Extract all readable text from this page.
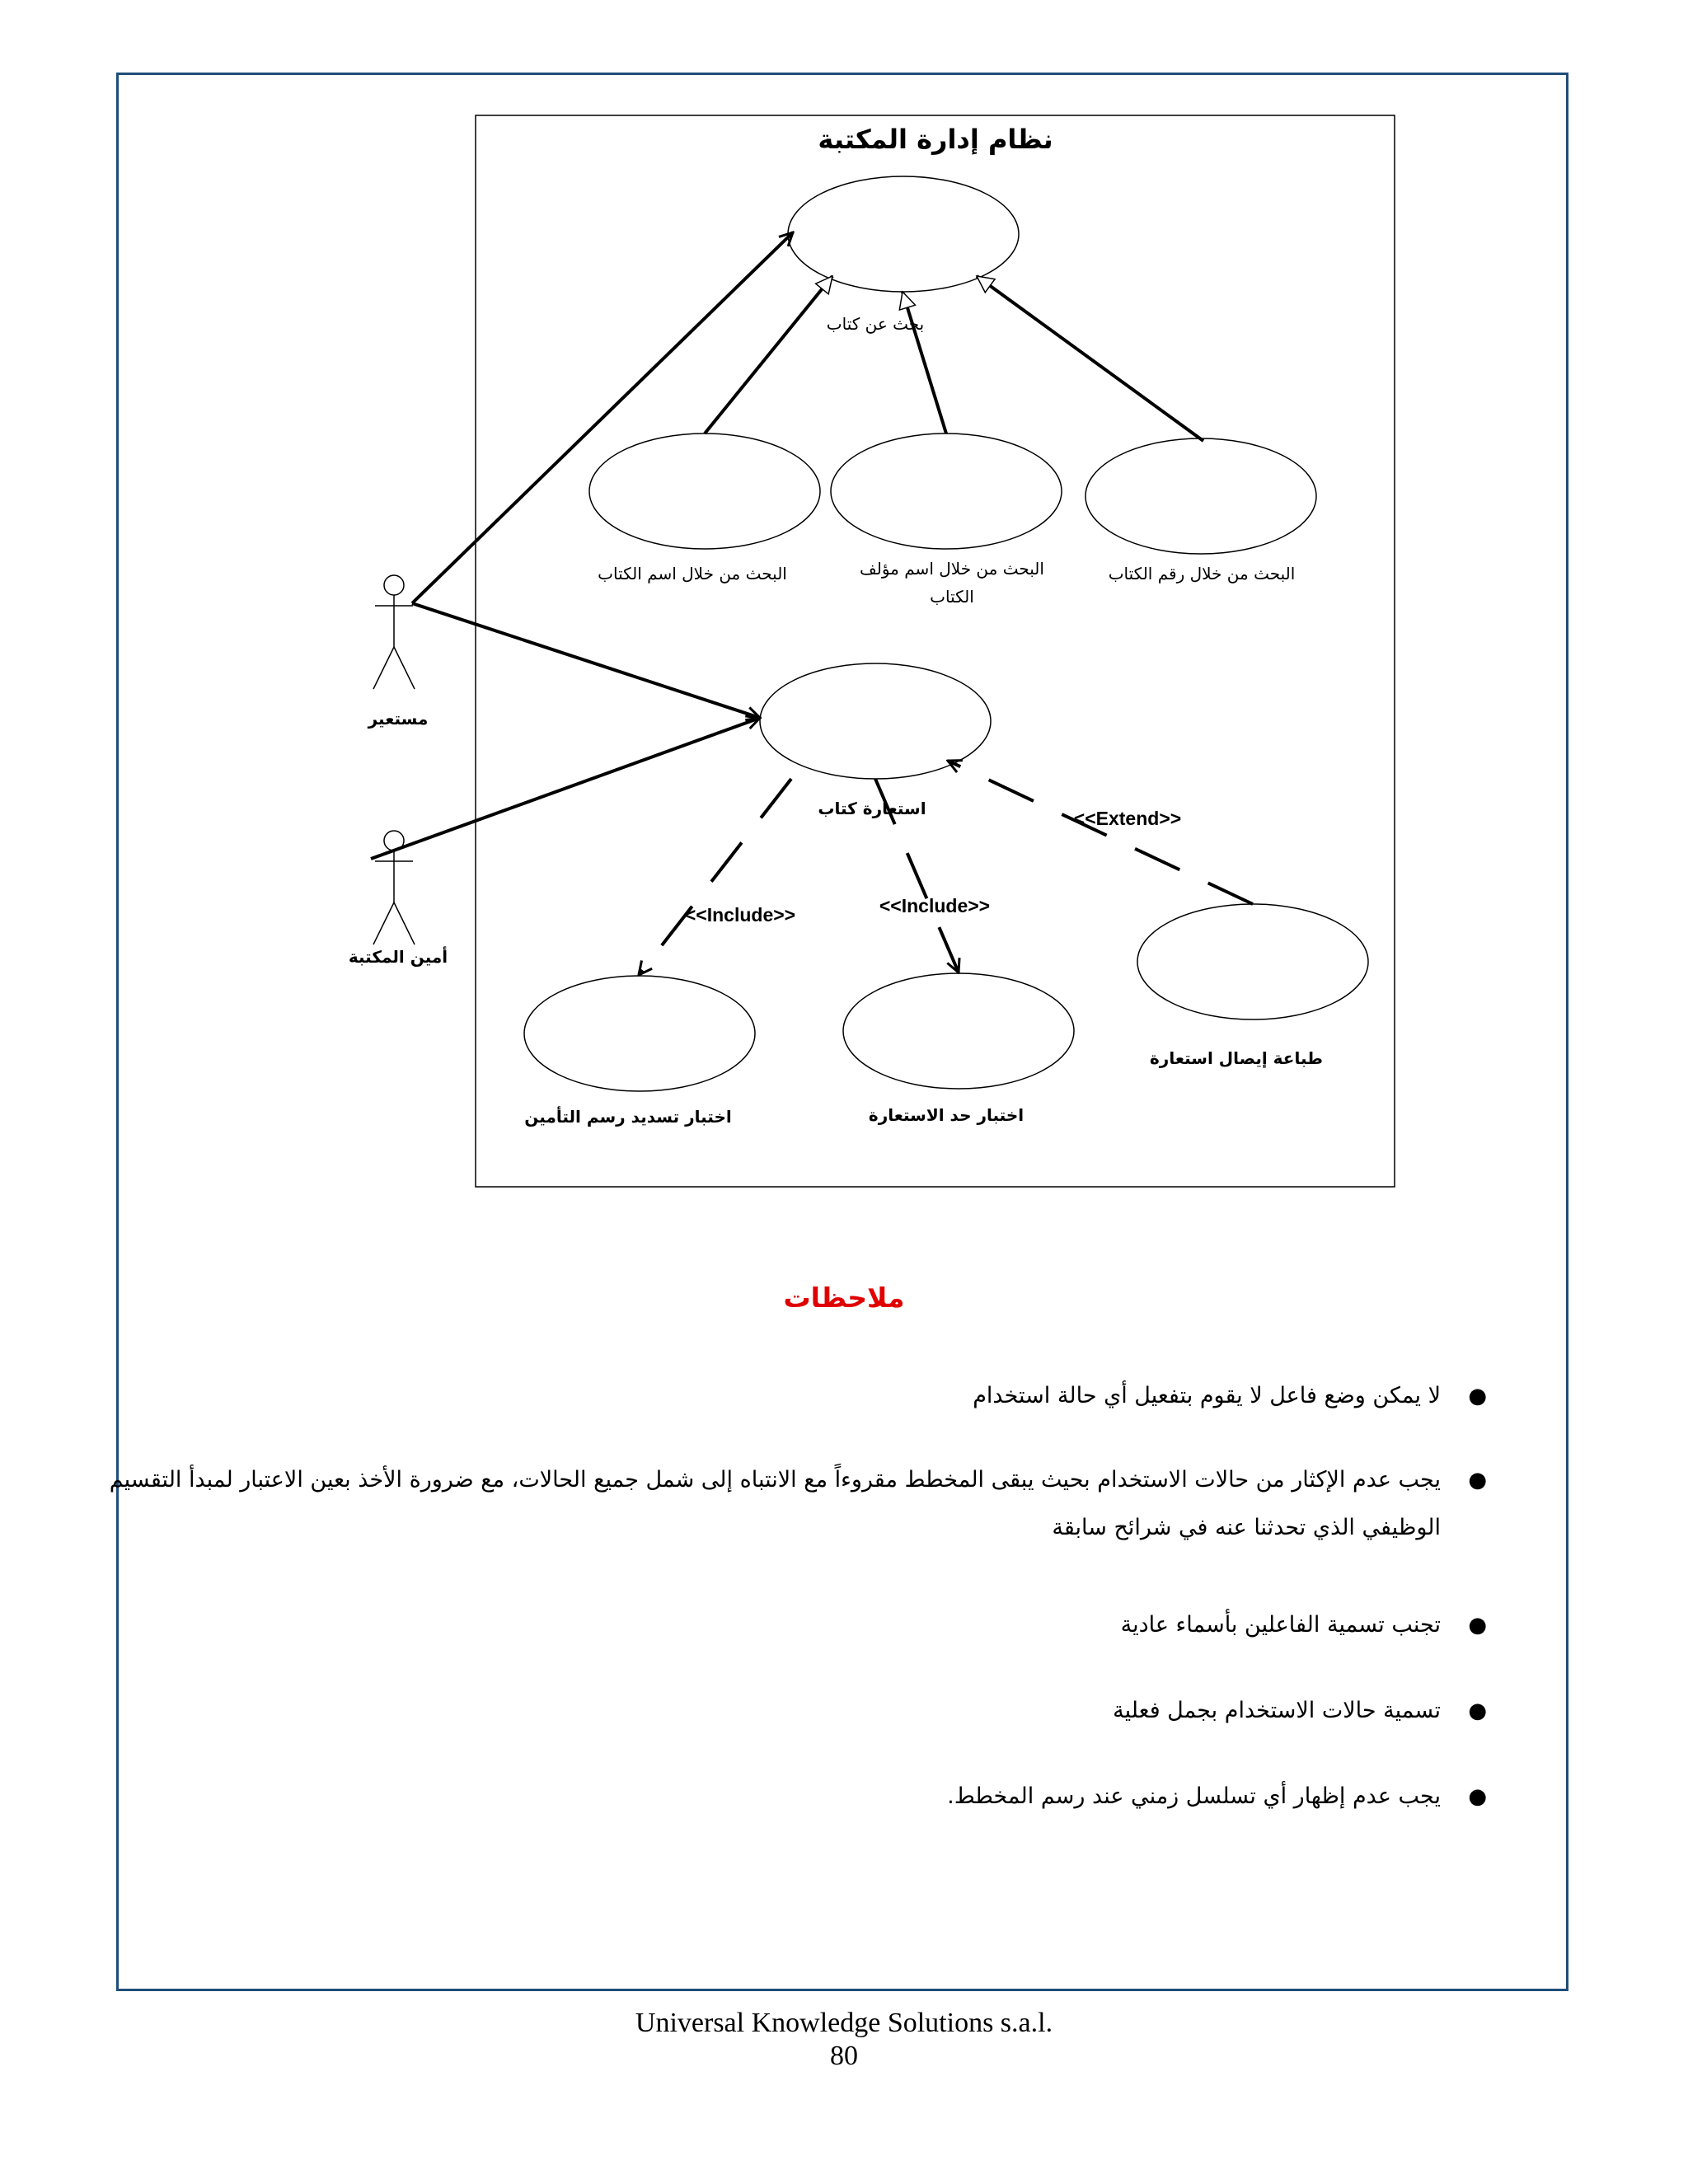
نظام إدارة المكتبة
بحث عن كتاب
البحث من خلال اسم الكتاب	البحث من خلال اسم مؤلف
الكتاب
البحث من خلال رقم الكتاب
استعارة كتاب
اختبار تسديد رسم التأمين	اختبار حد الاستعارة
طباعة إيصال استعارة
<<Include>>	<<Include>>
<<Extend>>
مستعير
أمين المكتبة
ملاحظات
●
لا يمكن وضع فاعل لا يقوم بتفعيل أي حالة استخدام
●
يجب عدم الإكثار من حالات الاستخدام بحيث يبقى المخطط مقروءاً مع الانتباه إلى شمل جميع الحالات، مع ضرورة الأخذ بعين الاعتبار لمبدأ التقسيم الوظيفي الذي تحدثنا عنه في شرائح سابقة
●
تجنب تسمية الفاعلين بأسماء عادية
●
تسمية حالات الاستخدام بجمل فعلية
●
يجب عدم إظهار أي تسلسل زمني عند رسم المخطط.
Universal Knowledge Solutions s.a.l.
80
